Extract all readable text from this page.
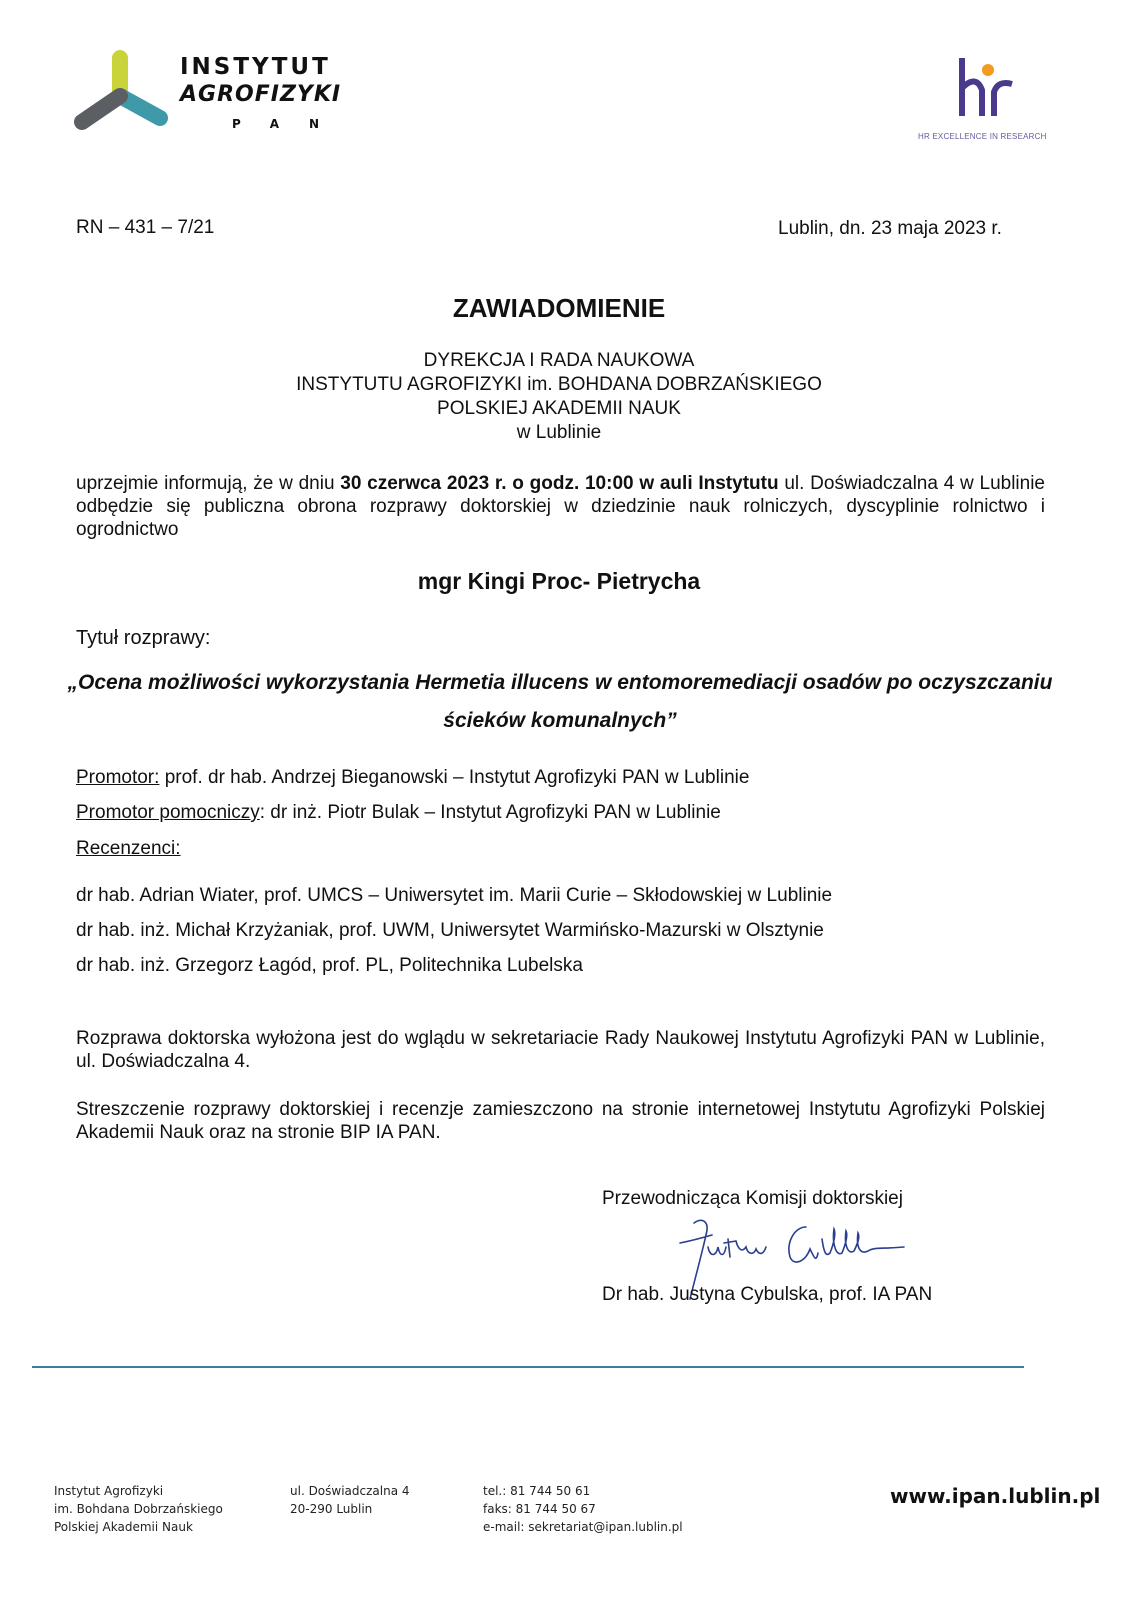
INSTYTUT
AGROFIZYKI
PAN
HR EXCELLENCE IN RESEARCH
RN – 431 – 7/21	Lublin, dn. 23 maja 2023 r.
ZAWIADOMIENIE
DYREKCJA I RADA NAUKOWA
INSTYTUTU AGROFIZYKI im. BOHDANA DOBRZAŃSKIEGO
POLSKIEJ AKADEMII NAUK
w Lublinie
uprzejmie informują, że w dniu 30 czerwca 2023 r. o godz. 10:00 w auli Instytutu ul. Doświadczalna 4 w Lublinie odbędzie się publiczna obrona rozprawy doktorskiej w dziedzinie nauk rolniczych, dyscyplinie rolnictwo i ogrodnictwo
mgr Kingi Proc- Pietrycha
Tytuł rozprawy:
„Ocena możliwości wykorzystania Hermetia illucens w entomoremediacji osadów po oczyszczaniu ścieków komunalnych”
Promotor: prof. dr hab. Andrzej Bieganowski – Instytut Agrofizyki PAN w Lublinie
Promotor pomocniczy: dr inż. Piotr Bulak – Instytut Agrofizyki PAN w Lublinie
Recenzenci:
dr hab. Adrian Wiater, prof. UMCS – Uniwersytet im. Marii Curie – Skłodowskiej w Lublinie
dr hab. inż. Michał Krzyżaniak, prof. UWM, Uniwersytet Warmińsko-Mazurski w Olsztynie
dr hab. inż. Grzegorz Łagód, prof. PL, Politechnika Lubelska
Rozprawa doktorska wyłożona jest do wglądu w sekretariacie Rady Naukowej Instytutu Agrofizyki PAN w Lublinie, ul. Doświadczalna 4.
Streszczenie rozprawy doktorskiej i recenzje zamieszczono na stronie internetowej Instytutu Agrofizyki Polskiej Akademii Nauk oraz na stronie BIP IA PAN.
Przewodnicząca Komisji doktorskiej
Dr hab. Justyna Cybulska, prof. IA PAN
Instytut Agrofizyki
im. Bohdana Dobrzańskiego
Polskiej Akademii Nauk
ul. Doświadczalna 4
20-290 Lublin
tel.: 81 744 50 61
faks: 81 744 50 67
e-mail: sekretariat@ipan.lublin.pl
www.ipan.lublin.pl
